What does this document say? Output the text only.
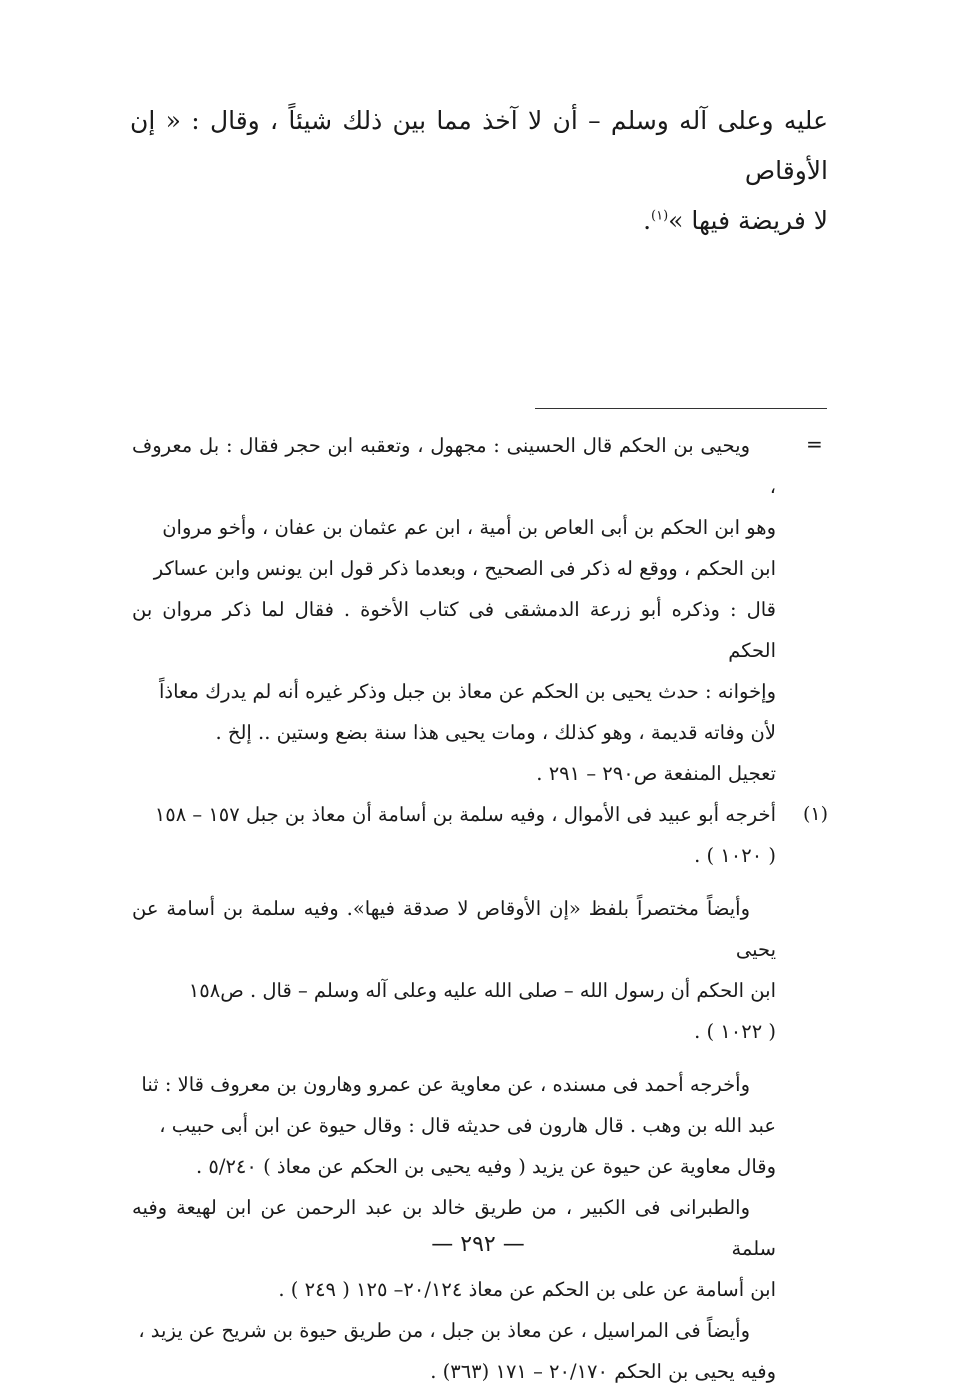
عليه وعلى آله وسلم – أن لا آخذ مما بين ذلك شيئاً ، وقال : « إن الأوقاص

لا فريضة فيها »$^{(١)}$.

=

ويحيى بن الحكم قال الحسينى : مجهول ، وتعقبه ابن حجر فقال : بل معروف ،

وهو ابن الحكم بن أبى العاص بن أمية ، ابن عم عثمان بن عفان ، وأخو مروان

ابن الحكم ، ووقع له ذكر فى الصحيح ، وبعدما ذكر قول ابن يونس وابن عساكر

قال : وذكره أبو زرعة الدمشقى فى كتاب الأخوة . فقال لما ذكر مروان بن الحكم

وإخوانه : حدث يحيى بن الحكم عن معاذ بن جبل وذكر غيره أنه لم يدرك معاذاً

لأن وفاته قديمة ، وهو كذلك ، ومات يحيى هذا سنة بضع وستين .. إلخ .

تعجيل المنفعة ص٢٩٠ – ٢٩١ .

(١)

أخرجه أبو عبيد فى الأموال ، وفيه سلمة بن أسامة أن معاذ بن جبل ١٥٧ – ١٥٨

( ١٠٢٠ ) .

وأيضاً مختصراً بلفظ «إن الأوقاص لا صدقة فيها». وفيه سلمة بن أسامة عن يحيى

ابن الحكم أن رسول الله – صلى الله عليه وعلى آله وسلم – قال . ص١٥٨

( ١٠٢٢ ) .

وأخرجه أحمد فى مسنده ، عن معاوية عن عمرو وهارون بن معروف قالا : ثنا

عبد الله بن وهب . قال هارون فى حديثه قال : وقال حيوة عن ابن أبى حبيب ،

وقال معاوية عن حيوة عن يزيد ( وفيه يحيى بن الحكم عن معاذ ) ٥/٢٤٠ .

والطبرانى فى الكبير ، من طريق خالد بن عبد الرحمن عن ابن لهيعة وفيه سلمة

ابن أسامة عن على بن الحكم عن معاذ ٢٠/١٢٤– ١٢٥ ( ٢٤٩ ) .

وأيضاً فى المراسيل ، عن معاذ بن جبل ، من طريق حيوة بن شريح عن يزيد ،

وفيه يحيى بن الحكم ٢٠/١٧٠ – ١٧١ (٣٦٣) .

— ٢٩٢ —
